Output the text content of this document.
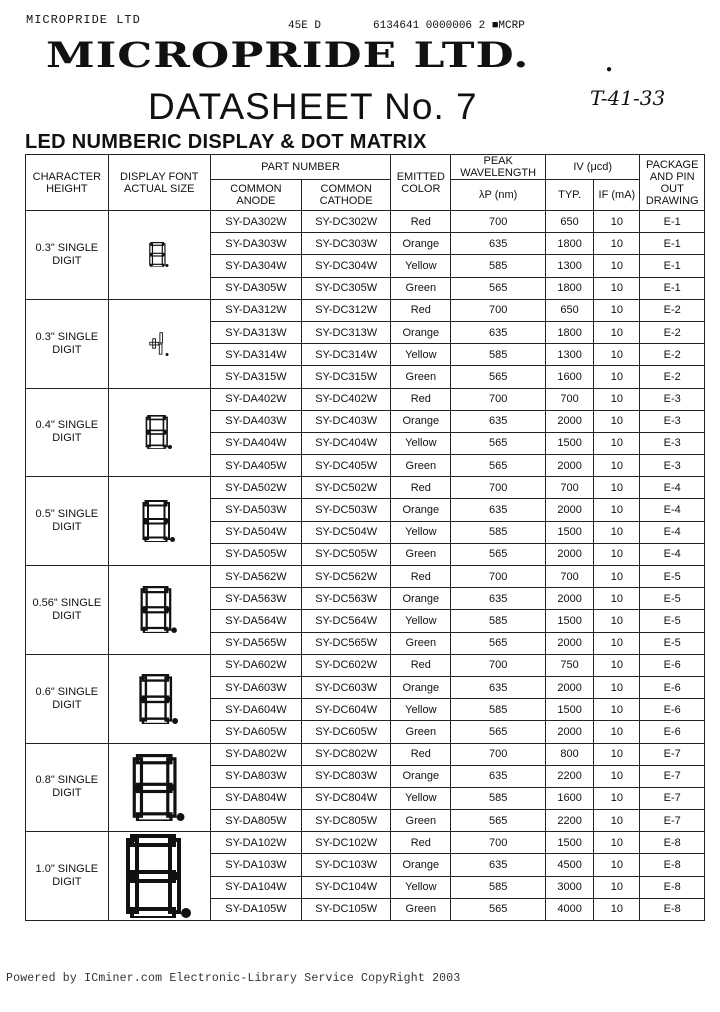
MICROPRIDE LTD	45E D	6134641 0000006 2 ■MCRP
MICROPRIDE LTD.	●
DATASHEET No. 7	T-41-33
LED NUMBERIC DISPLAY & DOT MATRIX
CHARACTER HEIGHT	DISPLAY FONT ACTUAL SIZE	PART NUMBER		EMITTED COLOR	PEAK WAVELENGTH	IV (μcd)		PACKAGE AND PIN OUT DRAWING
		COMMON ANODE	COMMON CATHODE		λP (nm)	TYP.	IF (mA)	
0.3" SINGLE DIGIT		SY-DA302W	SY-DC302W	Red	700	650	10	E-1
		SY-DA303W	SY-DC303W	Orange	635	1800	10	E-1
		SY-DA304W	SY-DC304W	Yellow	585	1300	10	E-1
		SY-DA305W	SY-DC305W	Green	565	1800	10	E-1
0.3" SINGLE DIGIT		SY-DA312W	SY-DC312W	Red	700	650	10	E-2
		SY-DA313W	SY-DC313W	Orange	635	1800	10	E-2
		SY-DA314W	SY-DC314W	Yellow	585	1300	10	E-2
		SY-DA315W	SY-DC315W	Green	565	1600	10	E-2
0.4" SINGLE DIGIT		SY-DA402W	SY-DC402W	Red	700	700	10	E-3
		SY-DA403W	SY-DC403W	Orange	635	2000	10	E-3
		SY-DA404W	SY-DC404W	Yellow	565	1500	10	E-3
		SY-DA405W	SY-DC405W	Green	565	2000	10	E-3
0.5" SINGLE DIGIT		SY-DA502W	SY-DC502W	Red	700	700	10	E-4
		SY-DA503W	SY-DC503W	Orange	635	2000	10	E-4
		SY-DA504W	SY-DC504W	Yellow	585	1500	10	E-4
		SY-DA505W	SY-DC505W	Green	565	2000	10	E-4
0.56" SINGLE DIGIT		SY-DA562W	SY-DC562W	Red	700	700	10	E-5
		SY-DA563W	SY-DC563W	Orange	635	2000	10	E-5
		SY-DA564W	SY-DC564W	Yellow	585	1500	10	E-5
		SY-DA565W	SY-DC565W	Green	565	2000	10	E-5
0.6" SINGLE DIGIT		SY-DA602W	SY-DC602W	Red	700	750	10	E-6
		SY-DA603W	SY-DC603W	Orange	635	2000	10	E-6
		SY-DA604W	SY-DC604W	Yellow	585	1500	10	E-6
		SY-DA605W	SY-DC605W	Green	565	2000	10	E-6
0.8" SINGLE DIGIT		SY-DA802W	SY-DC802W	Red	700	800	10	E-7
		SY-DA803W	SY-DC803W	Orange	635	2200	10	E-7
		SY-DA804W	SY-DC804W	Yellow	585	1600	10	E-7
		SY-DA805W	SY-DC805W	Green	565	2200	10	E-7
1.0" SINGLE DIGIT		SY-DA102W	SY-DC102W	Red	700	1500	10	E-8
		SY-DA103W	SY-DC103W	Orange	635	4500	10	E-8
		SY-DA104W	SY-DC104W	Yellow	585	3000	10	E-8
		SY-DA105W	SY-DC105W	Green	565	4000	10	E-8
Powered by ICminer.com Electronic-Library Service CopyRight 2003
